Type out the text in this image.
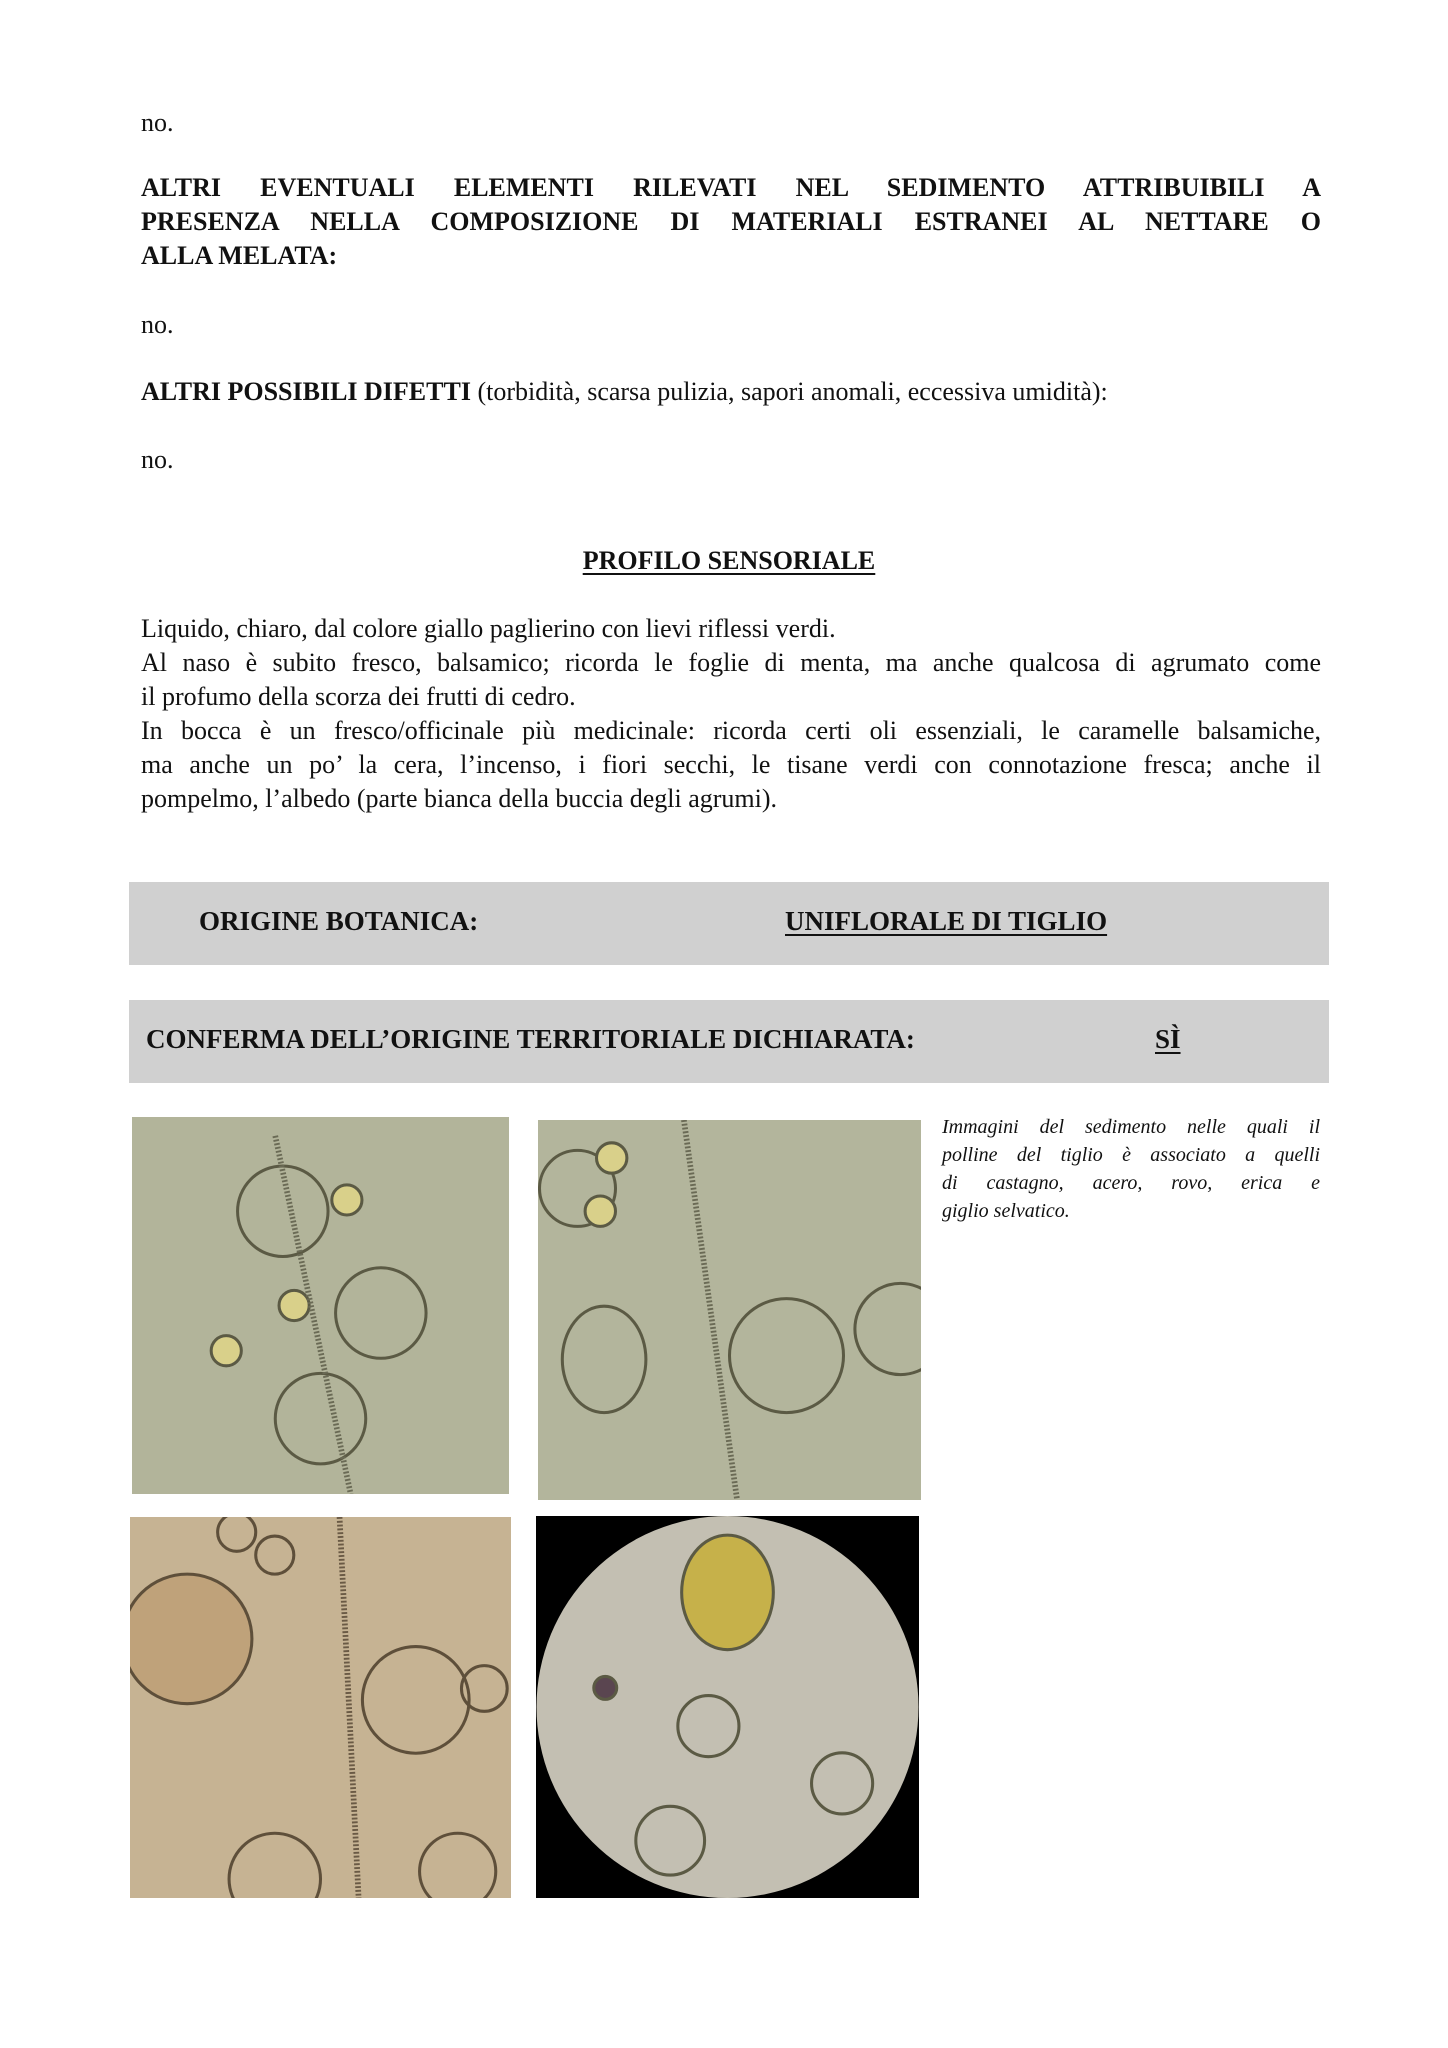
no.
ALTRI EVENTUALI ELEMENTI RILEVATI NEL SEDIMENTO ATTRIBUIBILI A
PRESENZA NELLA COMPOSIZIONE DI MATERIALI ESTRANEI AL NETTARE O
ALLA MELATA:
no.
ALTRI POSSIBILI DIFETTI (torbidità, scarsa pulizia, sapori anomali, eccessiva umidità):
no.
PROFILO SENSORIALE
Liquido, chiaro, dal colore giallo paglierino con lievi riflessi verdi.
Al naso è subito fresco, balsamico; ricorda le foglie di menta, ma anche qualcosa di agrumato come
il profumo della scorza dei frutti di cedro.
In bocca è un fresco/officinale più medicinale: ricorda certi oli essenziali, le caramelle balsamiche,
ma anche un po’ la cera, l’incenso, i fiori secchi, le tisane verdi con connotazione fresca; anche il
pompelmo, l’albedo (parte bianca della buccia degli agrumi).
ORIGINE BOTANICA:	UNIFLORALE DI TIGLIO
CONFERMA DELL’ORIGINE TERRITORIALE DICHIARATA:	SÌ
Immagini del sedimento nelle quali il
polline del tiglio è associato a quelli
di castagno, acero, rovo, erica e
giglio selvatico.
